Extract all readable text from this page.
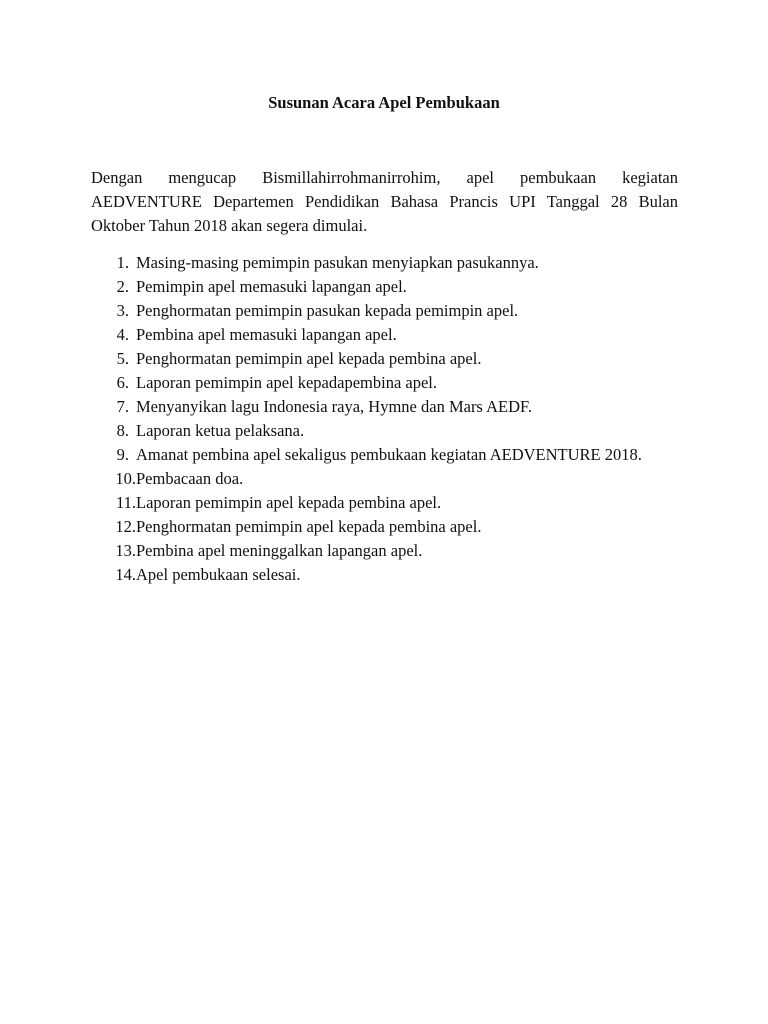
Susunan Acara Apel Pembukaan

Dengan mengucap Bismillahirrohmanirrohim, apel pembukaan kegiatan AEDVENTURE Departemen Pendidikan Bahasa Prancis UPI Tanggal 28 Bulan Oktober Tahun 2018 akan segera dimulai.

1. Masing-masing pemimpin pasukan menyiapkan pasukannya.
2. Pemimpin apel memasuki lapangan apel.
3. Penghormatan pemimpin pasukan kepada pemimpin apel.
4. Pembina apel memasuki lapangan apel.
5. Penghormatan pemimpin apel kepada pembina apel.
6. Laporan pemimpin apel kepadapembina apel.
7. Menyanyikan lagu Indonesia raya, Hymne dan Mars AEDF.
8. Laporan ketua pelaksana.
9. Amanat pembina apel sekaligus pembukaan kegiatan AEDVENTURE 2018.
10. Pembacaan doa.
11. Laporan pemimpin apel kepada pembina apel.
12. Penghormatan pemimpin apel kepada pembina apel.
13. Pembina apel meninggalkan lapangan apel.
14. Apel pembukaan selesai.
